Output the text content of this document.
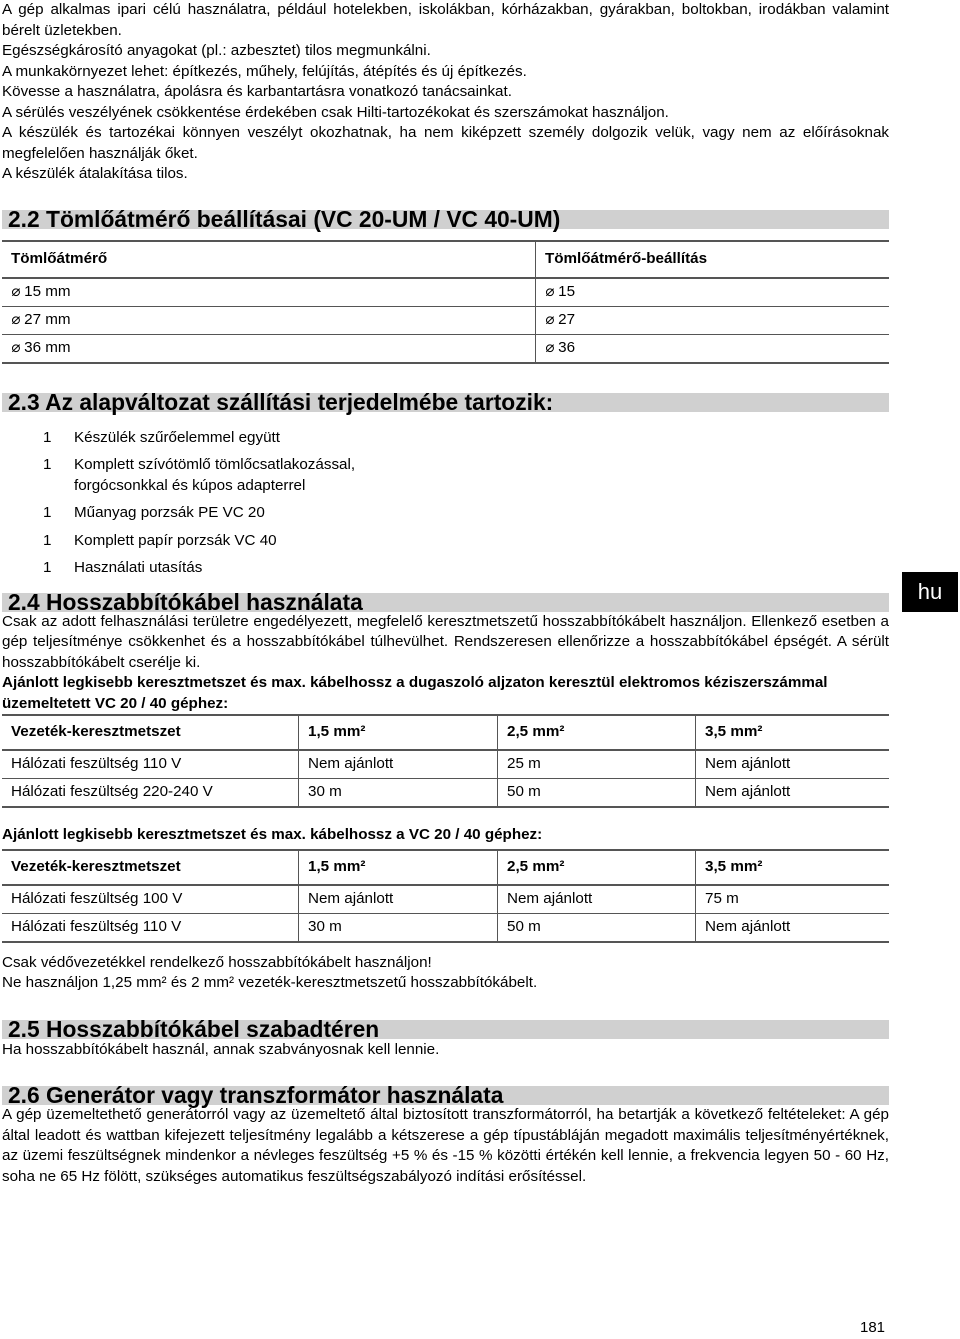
A gép alkalmas ipari célú használatra, például hotelekben, iskolákban, kórházakban, gyárakban, boltokban, irodákban valamint bérelt üzletekben.

Egészségkárosító anyagokat (pl.: azbesztet) tilos megmunkálni.

A munkakörnyezet lehet: építkezés, műhely, felújítás, átépítés és új építkezés.

Kövesse a használatra, ápolásra és karbantartásra vonatkozó tanácsainkat.

A sérülés veszélyének csökkentése érdekében csak Hilti-tartozékokat és szerszámokat használjon.

A készülék és tartozékai könnyen veszélyt okozhatnak, ha nem kiképzett személy dolgozik velük, vagy nem az előírásoknak megfelelően használják őket.

A készülék átalakítása tilos.

2.2 Tömlőátmérő beállításai (VC 20-UM / VC 40-UM)
Tömlőátmérő	Tömlőátmérő-beállítás
⌀ 15 mm	⌀ 15
⌀ 27 mm	⌀ 27
⌀ 36 mm	⌀ 36
2.3 Az alapváltozat szállítási terjedelmébe tartozik:
1	Készülék szűrőelemmel együtt
1	Komplett szívótömlő tömlőcsatlakozással,
forgócsonkkal és kúpos adapterrel
1	Műanyag porzsák PE VC 20
1	Komplett papír porzsák VC 40
1	Használati utasítás
2.4 Hosszabbítókábel használata

Csak az adott felhasználási területre engedélyezett, megfelelő keresztmetszetű hosszabbítókábelt használjon. Ellenkező esetben a gép teljesítménye csökkenhet és a hosszabbítókábel túlhevülhet. Rendszeresen ellenőrizze a hosszabbítókábel épségét. A sérült hosszabbítókábelt cserélje ki.

Ajánlott legkisebb keresztmetszet és max. kábelhossz a dugaszoló aljzaton keresztül elektromos kéziszerszámmal üzemeltetett VC 20 / 40 géphez:

Vezeték-keresztmetszet	1,5 mm²	2,5 mm²	3,5 mm²
Hálózati feszültség 110 V	Nem ajánlott	25 m	Nem ajánlott
Hálózati feszültség 220-240 V	30 m	50 m	Nem ajánlott

Ajánlott legkisebb keresztmetszet és max. kábelhossz a VC 20 / 40 géphez:

Vezeték-keresztmetszet	1,5 mm²	2,5 mm²	3,5 mm²
Hálózati feszültség 100 V	Nem ajánlott	Nem ajánlott	75 m
Hálózati feszültség 110 V	30 m	50 m	Nem ajánlott

Csak védővezetékkel rendelkező hosszabbítókábelt használjon!

Ne használjon 1,25 mm² és 2 mm² vezeték-keresztmetszetű hosszabbítókábelt.

2.5 Hosszabbítókábel szabadtéren

Ha hosszabbítókábelt használ, annak szabványosnak kell lennie.

2.6 Generátor vagy transzformátor használata

A gép üzemeltethető generátorról vagy az üzemeltető által biztosított transzformátorról, ha betartják a következő feltételeket: A gép által leadott és wattban kifejezett teljesítmény legalább a kétszerese a gép típustábláján megadott maximális teljesítményértéknek, az üzemi feszültségnek mindenkor a névleges feszültség +5 % és -15 % közötti értékén kell lennie, a frekvencia legyen 50 - 60 Hz, soha ne 65 Hz fölött, szükséges automatikus feszültségszabályozó indítási erősítéssel.

hu
181
